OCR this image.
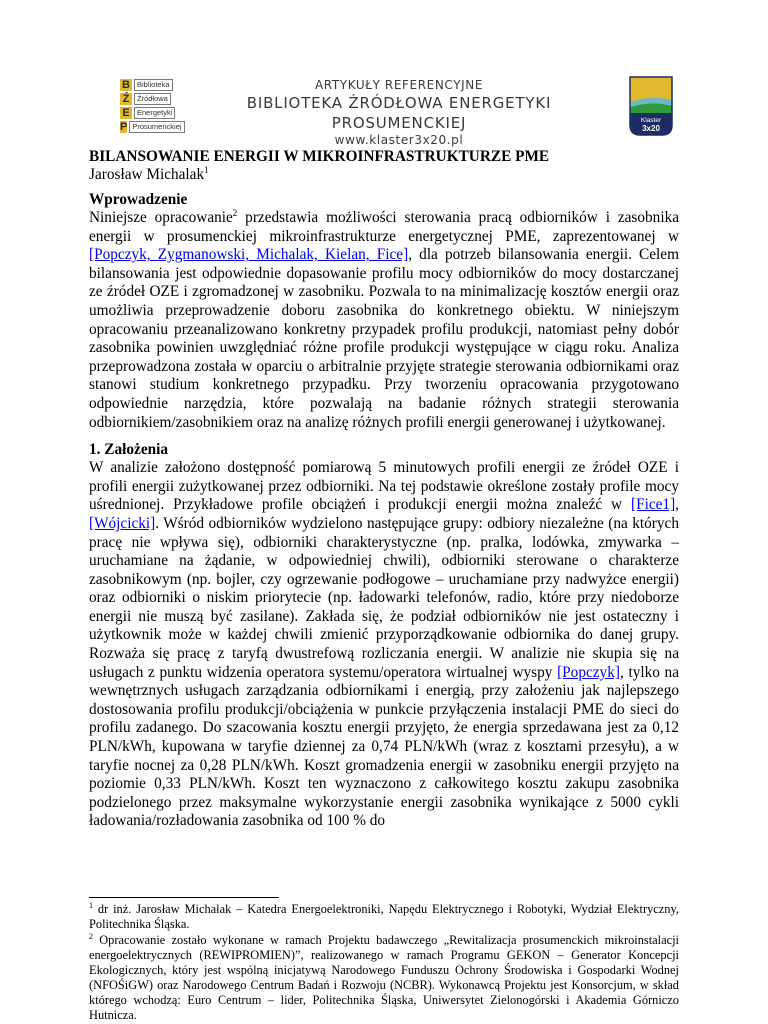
B Biblioteka
Ź	Źródłowa
E Energetyki
P Prosumenckiej
ARTYKUŁY REFERENCYJNE
BIBLIOTEKA ŹRÓDŁOWA ENERGETYKI PROSUMENCKIEJ
www.klaster3x20.pl
Klaster
3x20

BILANSOWANIE ENERGII W MIKROINFRASTRUKTURZE PME

Jarosław Michalak$^1$

Wprowadzenie

Niniejsze opracowanie$^2$ przedstawia możliwości sterowania pracą odbiorników i zasobnika energii w prosumenckiej mikroinfrastrukturze energetycznej PME, zaprezentowanej w [Popczyk, Zygmanowski, Michalak, Kielan, Fice], dla potrzeb bilansowania energii. Celem bilansowania jest odpowiednie dopasowanie profilu mocy odbiorników do mocy dostarczanej ze źródeł OZE i zgromadzonej w zasobniku. Pozwala to na minimalizację kosztów energii oraz umożliwia przeprowadzenie doboru zasobnika do konkretnego obiektu. W niniejszym opracowaniu przeanalizowano konkretny przypadek profilu produkcji, natomiast pełny dobór zasobnika powinien uwzględniać różne profile produkcji występujące w ciągu roku. Analiza przeprowadzona została w oparciu o arbitralnie przyjęte strategie sterowania odbiornikami oraz stanowi studium konkretnego przypadku. Przy tworzeniu opracowania przygotowano odpowiednie narzędzia, które pozwalają na badanie różnych strategii sterowania odbiornikiem/zasobnikiem oraz na analizę różnych profili energii generowanej i użytkowanej.

1. Założenia

W analizie założono dostępność pomiarową 5 minutowych profili energii ze źródeł OZE i profili energii zużytkowanej przez odbiorniki. Na tej podstawie określone zostały profile mocy uśrednionej. Przykładowe profile obciążeń i produkcji energii można znaleźć w [Fice1],[Wójcicki]. Wśród odbiorników wydzielono następujące grupy: odbiory niezależne (na których pracę nie wpływa się), odbiorniki charakterystyczne (np. pralka, lodówka, zmywarka – uruchamiane na żądanie, w odpowiedniej chwili), odbiorniki sterowane o charakterze zasobnikowym (np. bojler, czy ogrzewanie podłogowe – uruchamiane przy nadwyżce energii) oraz odbiorniki o niskim priorytecie (np. ładowarki telefonów, radio, które przy niedoborze energii nie muszą być zasilane). Zakłada się, że podział odbiorników nie jest ostateczny i użytkownik może w każdej chwili zmienić przyporządkowanie odbiornika do danej grupy. Rozważa się pracę z taryfą dwustrefową rozliczania energii. W analizie nie skupia się na usługach z punktu widzenia operatora systemu/operatora wirtualnej wyspy [Popczyk], tylko na wewnętrznych usługach zarządzania odbiornikami i energią, przy założeniu jak najlepszego dostosowania profilu produkcji/obciążenia w punkcie przyłączenia instalacji PME do sieci do profilu zadanego. Do szacowania kosztu energii przyjęto, że energia sprzedawana jest za 0,12 PLN/kWh, kupowana w taryfie dziennej za 0,74 PLN/kWh (wraz z kosztami przesyłu), a w taryfie nocnej za 0,28 PLN/kWh. Koszt gromadzenia energii w zasobniku energii przyjęto na poziomie 0,33 PLN/kWh. Koszt ten wyznaczono z całkowitego kosztu zakupu zasobnika podzielonego przez maksymalne wykorzystanie energii zasobnika wynikające z 5000 cykli ładowania/rozładowania zasobnika od 100 % do

$^1$ dr inż. Jarosław Michalak – Katedra Energoelektroniki, Napędu Elektrycznego i Robotyki, Wydział Elektryczny, Politechnika Śląska.

$^2$ Opracowanie zostało wykonane w ramach Projektu badawczego „Rewitalizacja prosumenckich mikroinstalacji energoelektrycznych (REWIPROMIEN)”, realizowanego w ramach Programu GEKON – Generator Koncepcji Ekologicznych, który jest wspólną inicjatywą Narodowego Funduszu Ochrony Środowiska i Gospodarki Wodnej (NFOŚiGW) oraz Narodowego Centrum Badań i Rozwoju (NCBR). Wykonawcą Projektu jest Konsorcjum, w skład którego wchodzą: Euro Centrum – lider, Politechnika Śląska, Uniwersytet Zielonogórski i Akademia Górniczo Hutnicza.
